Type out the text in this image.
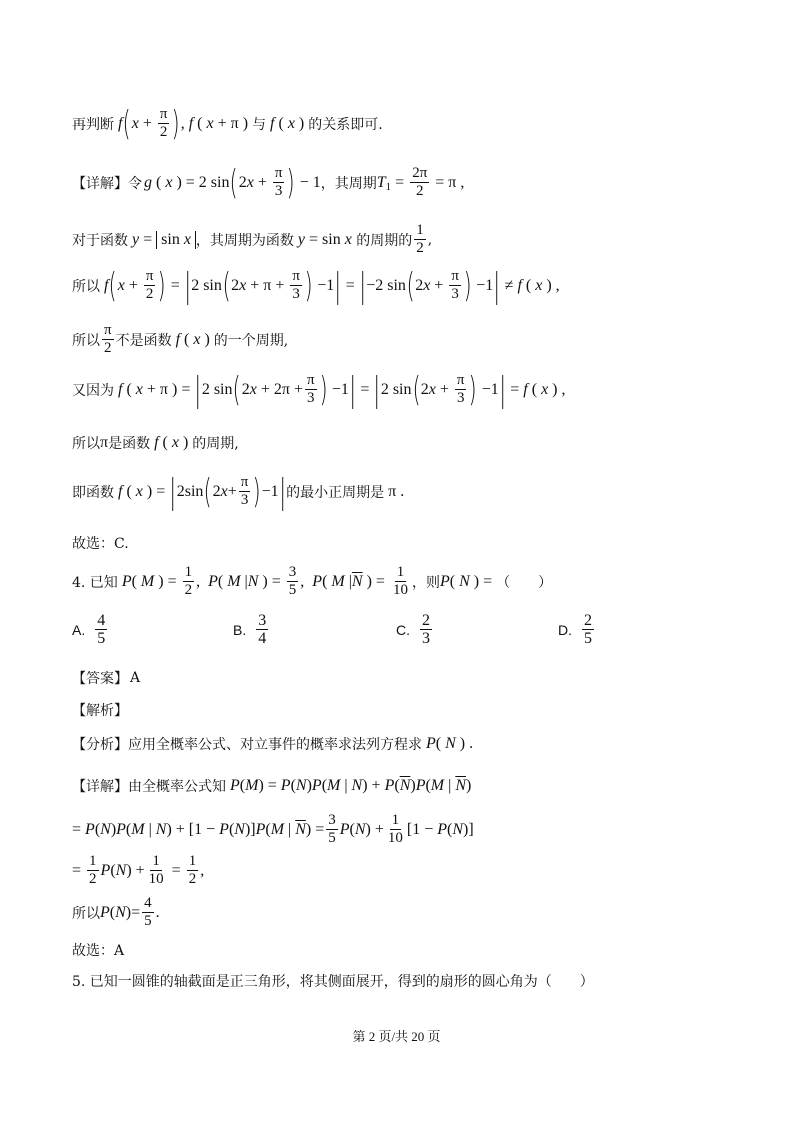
再判断 f ( $x + \frac{\pi}{2}$ ) , f ( x + π ) 与 f ( x ) 的关系即可.
【详解】令 g ( x ) = 2 sin ( 2 $x + \frac{\pi}{3}$ ) − 1 ，其周期 T $1 = \frac{2\pi}{2} = \pi$ ,
对于函数 y = sin x ，其周期为函数 y = sin x
的周期的 $\frac{1}{2}$ ,
所以 f ( $x + \frac{\pi}{2}$ ) = | 2 sin ( 2 $x + \pi + \frac{\pi}{3}$ ) −1 | = | −2 sin ( 2 $x + \frac{\pi}{3}$ ) −1 | ≠ f ( x ) ,
所以 $\frac{\pi}{2}$ 不是函数 f ( x ) 的一个周期,
又因为 f ( x + π ) = | 2 sin ( 2 $x + 2\pi + \frac{\pi}{3}$ ) −1 | = | 2 sin ( 2 $x + \frac{\pi}{3}$ ) −1 | = f ( x ) ,
所以 π 是函数 f ( x ) 的周期,
即函数 f ( x ) = | 2sin ( 2 $x + \frac{\pi}{3}$ ) −1 | 的最小正周期是 π .
故选：C.
4. 已知 P ( M ) = $\frac{1}{2}$ , P ( M | N ) = $\frac{3}{5}$ , P ( M | $\overline{N}$ ) = $\frac{1}{10}$ ，则 P ( N ) = （　　）
A. $\frac{4}{5}$	B. $\frac{3}{4}$	C. $\frac{2}{3}$	D. $\frac{2}{5}$
【答案】 A
【解析】
【分析】应用全概率公式、对立事件的概率求法列方程求 P ( N ) .
【详解】由全概率公式知 P(M) = P(N)P(M | $N) + P(\overline{N})P(M$ | $\overline{N}$)
= P(N)P(M | N) + [1 − P(N)]P(M | $\overline{N}) = \frac{3}{5} P(N) + \frac{1}{10} [1 - P(N)]$
= $\frac{1}{2} P(N) + \frac{1}{10} = \frac{1}{2}$ ,
所以 $P(N)= \frac{4}{5}$ .
故选：A
5. 已知一圆锥的轴截面是正三角形，将其侧面展开，得到的扇形的圆心角为（　　）
第 2 页/共 20 页
